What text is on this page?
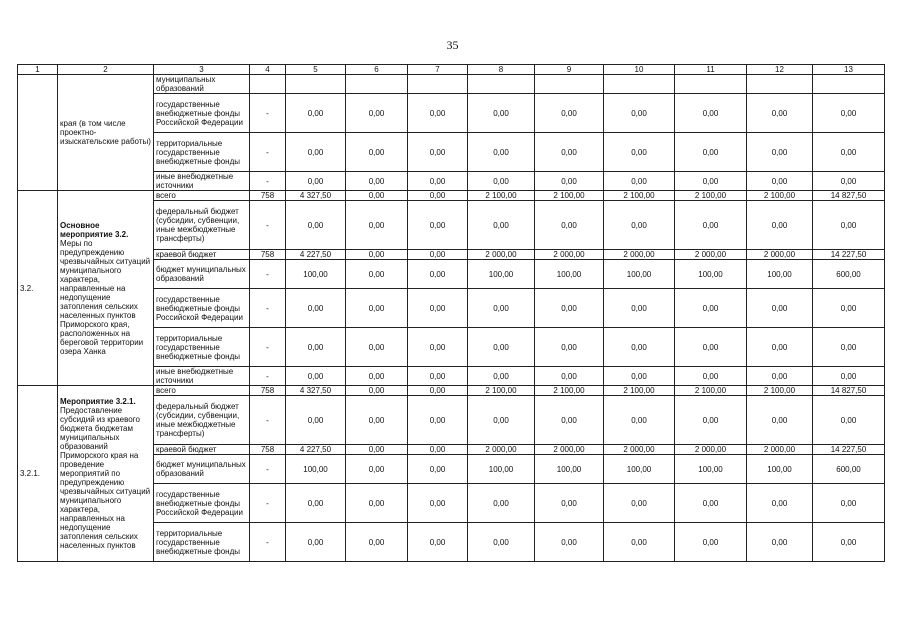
35
1	2	3	4	5	6	7	8	9	10	11	12	13
	края (в том числе проектно-изыскательские работы)	муниципальных образований										
		государственные внебюджетные фонды Российской Федерации	-	0,00	0,00	0,00	0,00	0,00	0,00	0,00	0,00	0,00
		территориальные государственные внебюджетные фонды	-	0,00	0,00	0,00	0,00	0,00	0,00	0,00	0,00	0,00
		иные внебюджетные источники	-	0,00	0,00	0,00	0,00	0,00	0,00	0,00	0,00	0,00
3.2.	Основное мероприятие 3.2. Меры по предупреждению чрезвычайных ситуаций муниципального характера, направленные на недопущение затопления сельских населенных пунктов Приморского края, расположенных на береговой территории озера Ханка	всего	758	4 327,50	0,00	0,00	2 100,00	2 100,00	2 100,00	2 100,00	2 100,00	14 827,50
		федеральный бюджет (субсидии, субвенции, иные межбюджетные трансферты)	-	0,00	0,00	0,00	0,00	0,00	0,00	0,00	0,00	0,00
		краевой бюджет	758	4 227,50	0,00	0,00	2 000,00	2 000,00	2 000,00	2 000,00	2 000,00	14 227,50
		бюджет муниципальных образований	-	100,00	0,00	0,00	100,00	100,00	100,00	100,00	100,00	600,00
		государственные внебюджетные фонды Российской Федерации	-	0,00	0,00	0,00	0,00	0,00	0,00	0,00	0,00	0,00
		территориальные государственные внебюджетные фонды	-	0,00	0,00	0,00	0,00	0,00	0,00	0,00	0,00	0,00
		иные внебюджетные источники	-	0,00	0,00	0,00	0,00	0,00	0,00	0,00	0,00	0,00
3.2.1.	Мероприятие 3.2.1. Предоставление субсидий из краевого бюджета бюджетам муниципальных образований Приморского края на проведение мероприятий по предупреждению чрезвычайных ситуаций муниципального характера, направленных на недопущение затопления сельских населенных пунктов	всего	758	4 327,50	0,00	0,00	2 100,00	2 100,00	2 100,00	2 100,00	2 100,00	14 827,50
		федеральный бюджет (субсидии, субвенции, иные межбюджетные трансферты)	-	0,00	0,00	0,00	0,00	0,00	0,00	0,00	0,00	0,00
		краевой бюджет	758	4 227,50	0,00	0,00	2 000,00	2 000,00	2 000,00	2 000,00	2 000,00	14 227,50
		бюджет муниципальных образований	-	100,00	0,00	0,00	100,00	100,00	100,00	100,00	100,00	600,00
		государственные внебюджетные фонды Российской Федерации	-	0,00	0,00	0,00	0,00	0,00	0,00	0,00	0,00	0,00
		территориальные государственные внебюджетные фонды	-	0,00	0,00	0,00	0,00	0,00	0,00	0,00	0,00	0,00
